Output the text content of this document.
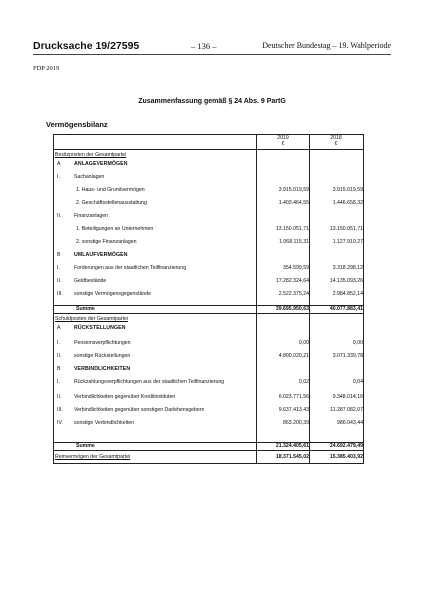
Drucksache 19/27595	– 136 –	Deutscher Bundestag – 19. Wahlperiode
FDP 2019
Zusammenfassung gemäß § 24 Abs. 9 PartG
Vermögensbilanz
2019
€
2018
€
Besitzposten der Gesamtpartei
A	ANLAGEVERMÖGEN
I.	Sachanlagen
1. Haus- und Grundvermögen	3.915.019,59	3.915.019,59
2. Geschäftsstellenausstattung	1.403.464,55	1.446.658,32
II. Finanzanlagen
1. Beteiligungen an Unternehmen	13.150.051,71	13.150.051,71
2. sonstige Finanzanlagen	1.068.115,31	1.127.910,27
B	UMLAUFVERMÖGEN
I.	Forderungen aus der staatlichen Teilfinanzierung	354.599,59	3.318.298,12
II. Geldbestände	17.282.324,64	14.135.093,26
III. sonstige Vermögensgegenstände	2.522.375,24	2.984.852,14
Summe	39.695.950,63	40.077.883,41
Schuldposten der Gesamtpartei
A	RÜCKSTELLUNGEN
I.	Pensionsverpflichtungen	0,00	0,00
II. sonstige Rückstellungen	4.800.020,21	3.071.339,78
B	VERBINDLICHKEITEN
I.	Rückzahlungsverpflichtungen aus der staatlichen Teilfinanzierung	0,02	0,04
II. Verbindlichkeiten gegenüber Kreditinstituten	6.023.771,56	9.348.014,16
III. Verbindlichkeiten gegenüber sonstigen Darlehensgebern	9.637.413,43	11.287.082,07
IV. sonstige Verbindlichkeiten	863.200,39	986.043,44
Summe	21.324.405,61	24.692.479,49
Reinvermögen der Gesamtpartei	18.371.545,02	15.385.403,92
